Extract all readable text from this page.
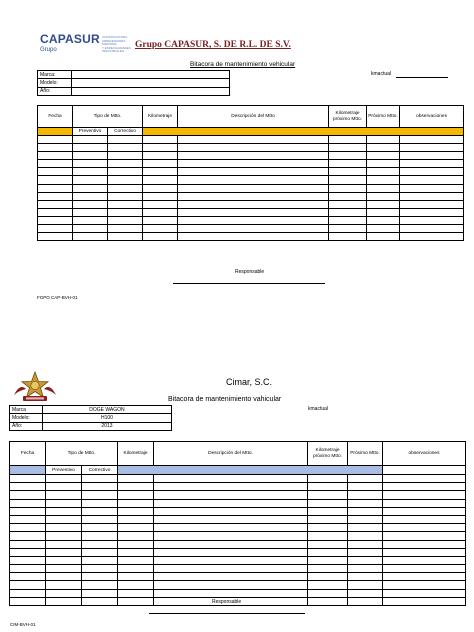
CAPASUR
Grupo
CONSTRUCTORA
ARRENDADORA MARITIMA
Y ESPECIALIDADES INDUSTRIALES
Grupo CAPASUR, S. DE R.L. DE S.V.
Bitacora de mantenimiento vehicular
kmactual
Marca:	
Modelo:	
Año:	
Fecha	Tipo de Mtto.		Kilometraje	Descripción del Mtto	Kilometraje próximo Mtto.	Próximo Mtto.	observaciones
	Preventivo	Correctivo					

Responsable
FGPO CAP-BVH-01
Cimar, S.C.
Bitacora de mantenimiento vahicular
kmactual
Marca	DOGE WAGON
Modelo:	H100
Año:	2013
Fecha	Tipo de Mtto.		Kilometraje	Descripción del Mtto.	Kilometraje próximo Mtto.	Próximo Mtto.	observaciones
	Preventivo	Correctivo					

Responsable
CIM-BVH-01
